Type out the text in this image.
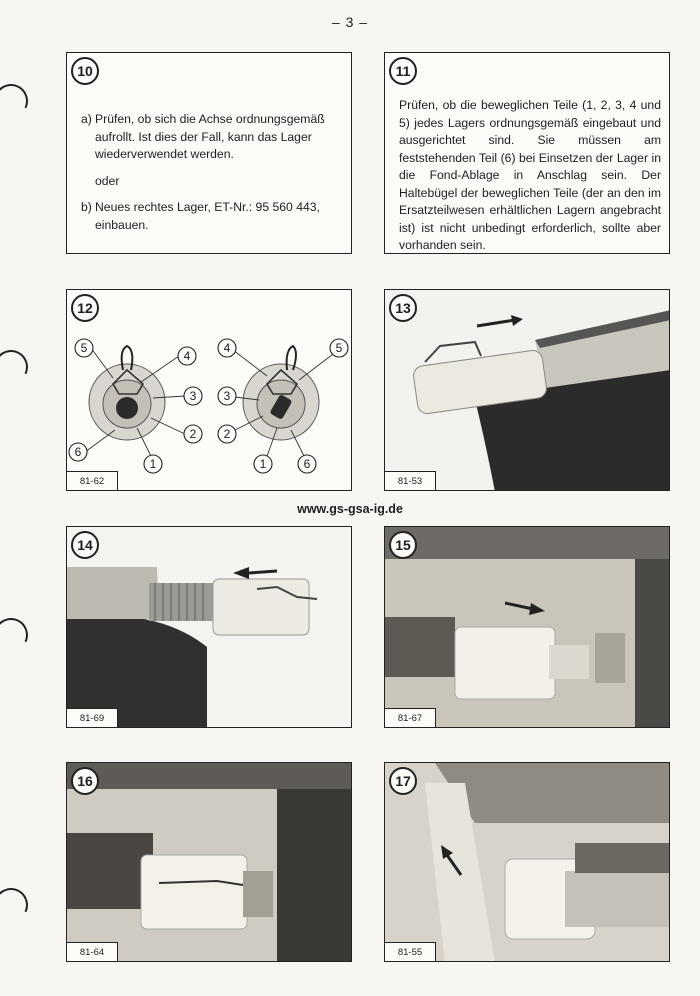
– 3 –
10
a) Prüfen, ob sich die Achse ordnungsgemäß aufrollt. Ist dies der Fall, kann das Lager wiederverwendet werden.
oder
b) Neues rechtes Lager, ET-Nr.: 95 560 443, einbauen.
11
Prüfen, ob die beweglichen Teile (1, 2, 3, 4 und 5) jedes Lagers ordnungsgemäß eingebaut und ausgerichtet sind. Sie müssen am feststehenden Teil (6) bei Einsetzen der Lager in die Fond-Ablage in Anschlag sein. Der Haltebügel der beweglichen Teile (der an den im Ersatzteilwesen erhältlichen Lagern angebracht ist) ist nicht unbedingt erforderlich, sollte aber vorhanden sein.
12
5
4
3
2
1
6
4	5
3
2
1	6
81-62
13
81-53
14
81-69
15
81-67
16
81-64
17
81-55
www.gs-gsa-ig.de
